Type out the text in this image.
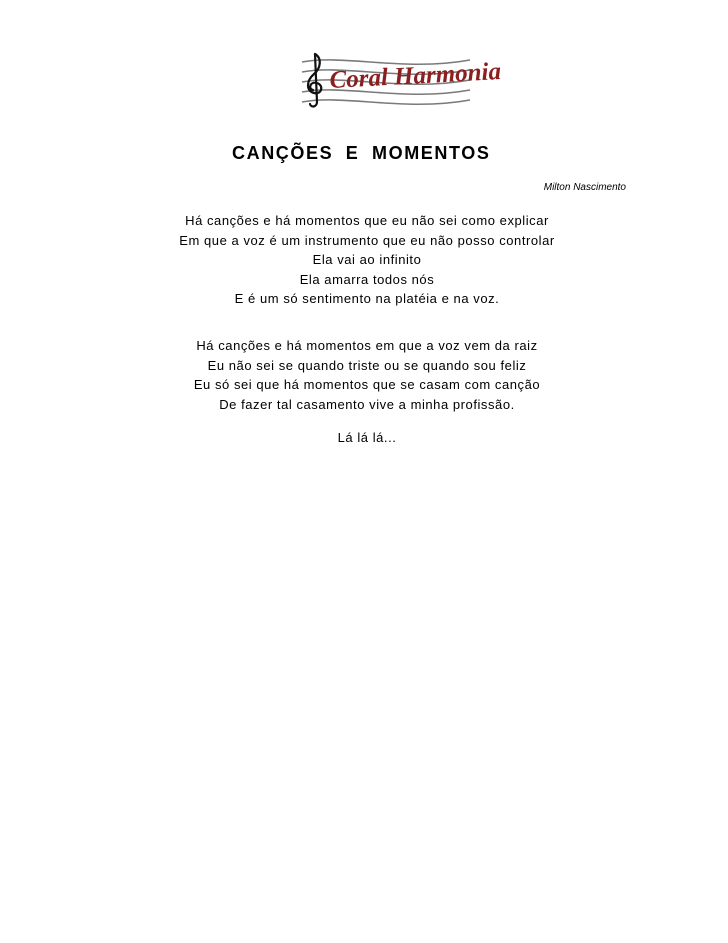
Coral Harmonia
CANÇÕES E MOMENTOS
Milton Nascimento
Há canções e há momentos que eu não sei como explicar
Em que a voz é um instrumento que eu não posso controlar
Ela vai ao infinito
Ela amarra todos nós
E é um só sentimento na platéia e na voz.
Há canções e há momentos em que a voz vem da raiz
Eu não sei se quando triste ou se quando sou feliz
Eu só sei que há momentos que se casam com canção
De fazer tal casamento vive a minha profissão.
Lá lá lá...
